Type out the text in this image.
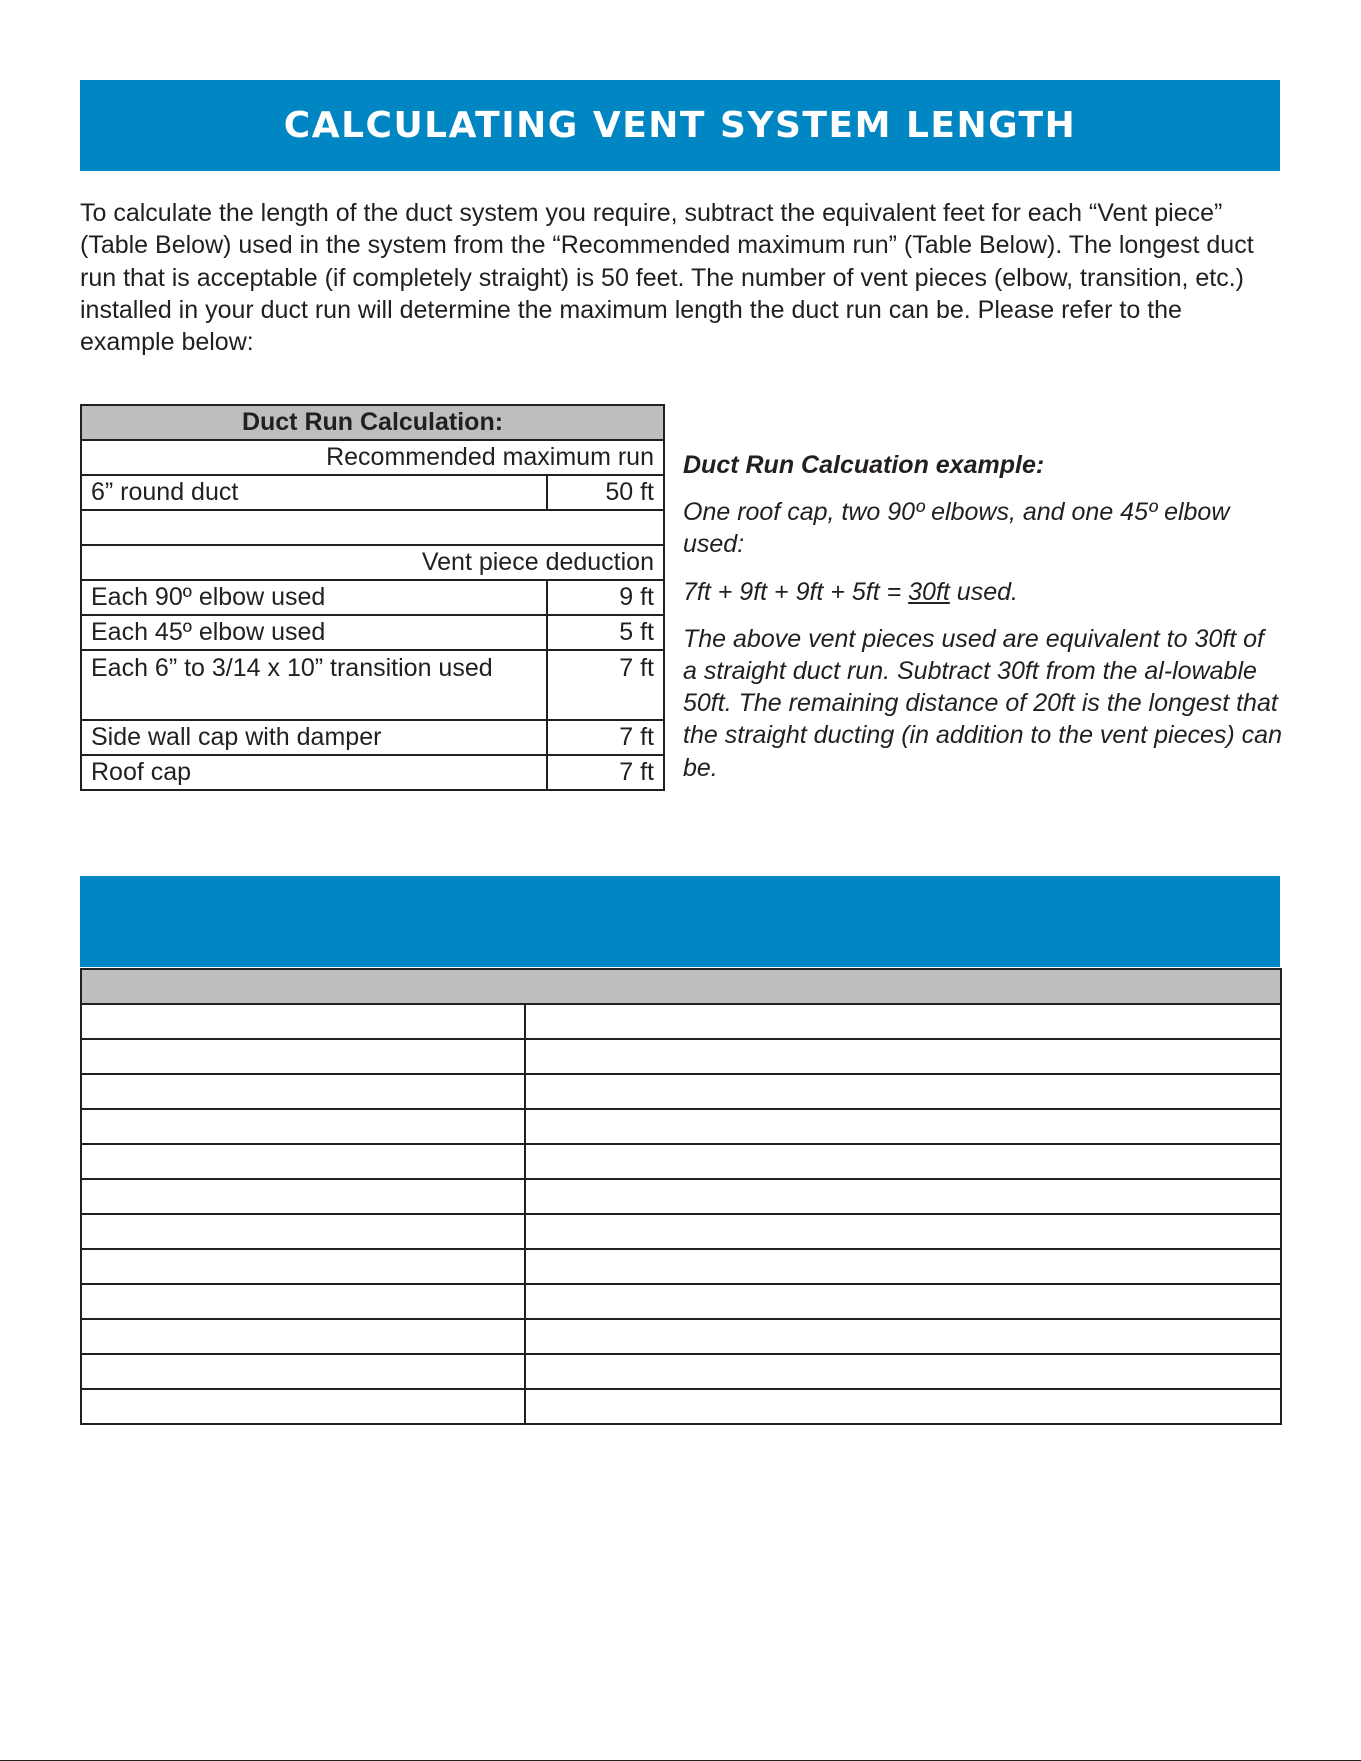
CALCULATING VENT SYSTEM LENGTH

To calculate the length of the duct system you require, subtract the equivalent feet for each “Vent piece” (Table Below) used in the system from the “Recommended maximum run” (Table Below). The longest duct run that is acceptable (if completely straight) is 50 feet. The number of vent pieces (elbow, transition, etc.) installed in your duct run will determine the maximum length the duct run can be. Please refer to the example below:

Duct Run Calculation:	
Recommended maximum run	
6” round duct	50 ft

Vent piece deduction	
Each 90º elbow used	9 ft
Each 45º elbow used	5 ft
Each 6” to 3/14 x 10” transition used	7 ft
Side wall cap with damper	7 ft
Roof cap	7 ft

Duct Run Calcuation example:

One roof cap, two 90º elbows, and one 45º elbow used:

7ft + 9ft + 9ft + 5ft = 30ft used.

The above vent pieces used are equivalent to 30ft of a straight duct run. Subtract 30ft from the al-lowable 50ft. The remaining distance of 20ft is the longest that the straight ducting (in addition to the vent pieces) can be.
